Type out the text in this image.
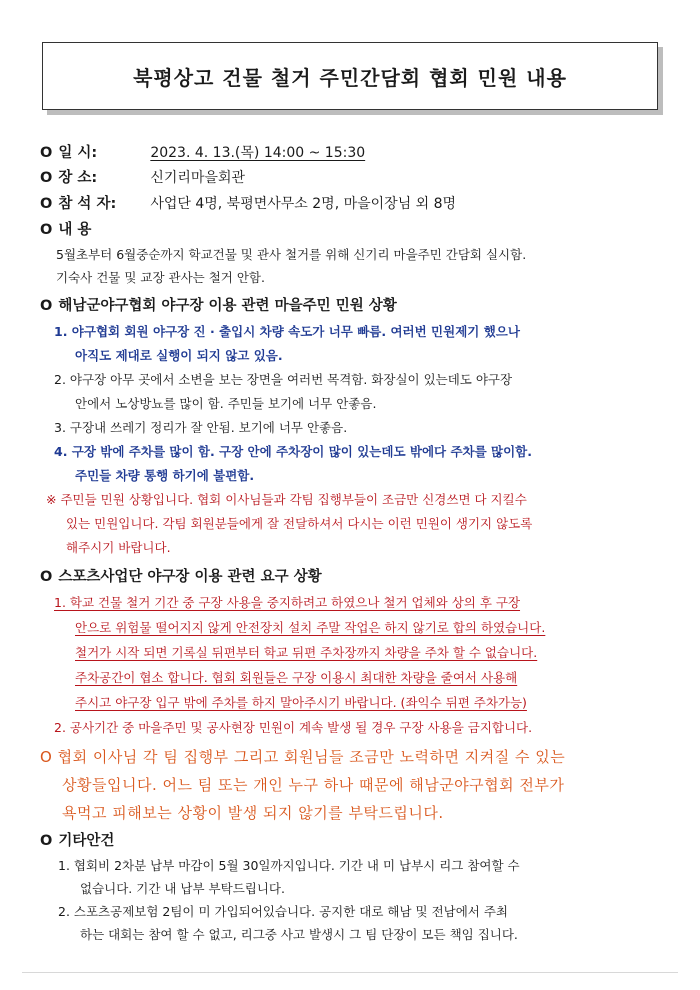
북평상고 건물 철거 주민간담회 협회 민원 내용
O 일 시:	2023. 4. 13.(목) 14:00 ~ 15:30
O 장 소:	신기리마을회관
O 참 석 자: 사업단 4명, 북평면사무소 2명, 마을이장님 외 8명
O 내 용
5월초부터 6월중순까지 학교건물 및 관사 철거를 위해 신기리 마을주민 간담회 실시함.
기숙사 건물 및 교장 관사는 철거 안함.
O 해남군야구협회 야구장 이용 관련 마을주민 민원 상황
1. 야구협회 회원 야구장 진 · 출입시 차량 속도가 너무 빠름. 여러번 민원제기 했으나
아직도 제대로 실행이 되지 않고 있음.
2. 야구장 아무 곳에서 소변을 보는 장면을 여러번 목격함. 화장실이 있는데도 야구장
안에서 노상방뇨를 많이 함. 주민들 보기에 너무 안좋음.
3. 구장내 쓰레기 정리가 잘 안됨. 보기에 너무 안좋음.
4. 구장 밖에 주차를 많이 함. 구장 안에 주차장이 많이 있는데도 밖에다 주차를 많이함.
주민들 차량 통행 하기에 불편함.
※ 주민들 민원 상황입니다. 협회 이사님들과 각팀 집행부들이 조금만 신경쓰면 다 지킬수
있는 민원입니다. 각팀 회원분들에게 잘 전달하셔서 다시는 이런 민원이 생기지 않도록
해주시기 바랍니다.
O 스포츠사업단 야구장 이용 관련 요구 상황
1. 학교 건물 철거 기간 중 구장 사용을 중지하려고 하였으나 철거 업체와 상의 후 구장
안으로 위험물 떨어지지 않게 안전장치 설치 주말 작업은 하지 않기로 합의 하였습니다.
철거가 시작 되면 기록실 뒤편부터 학교 뒤편 주차장까지 차량을 주차 할 수 없습니다.
주차공간이 협소 합니다. 협회 회원들은 구장 이용시 최대한 차량을 줄여서 사용해
주시고 야구장 입구 밖에 주차를 하지 말아주시기 바랍니다. (좌익수 뒤편 주차가능)
2. 공사기간 중 마을주민 및 공사현장 민원이 계속 발생 될 경우 구장 사용을 금지합니다.
O 협회 이사님 각 팀 집행부 그리고 회원님들 조금만 노력하면 지켜질 수 있는
상황들입니다. 어느 팀 또는 개인 누구 하나 때문에 해남군야구협회 전부가
욕먹고 피해보는 상황이 발생 되지 않기를 부탁드립니다.
O 기타안건
1. 협회비 2차분 납부 마감이 5월 30일까지입니다. 기간 내 미 납부시 리그 참여할 수
없습니다. 기간 내 납부 부탁드립니다.
2. 스포츠공제보험 2팀이 미 가입되어있습니다. 공지한 대로 해남 및 전남에서 주최
하는 대회는 참여 할 수 없고, 리그중 사고 발생시 그 팀 단장이 모든 책임 집니다.
